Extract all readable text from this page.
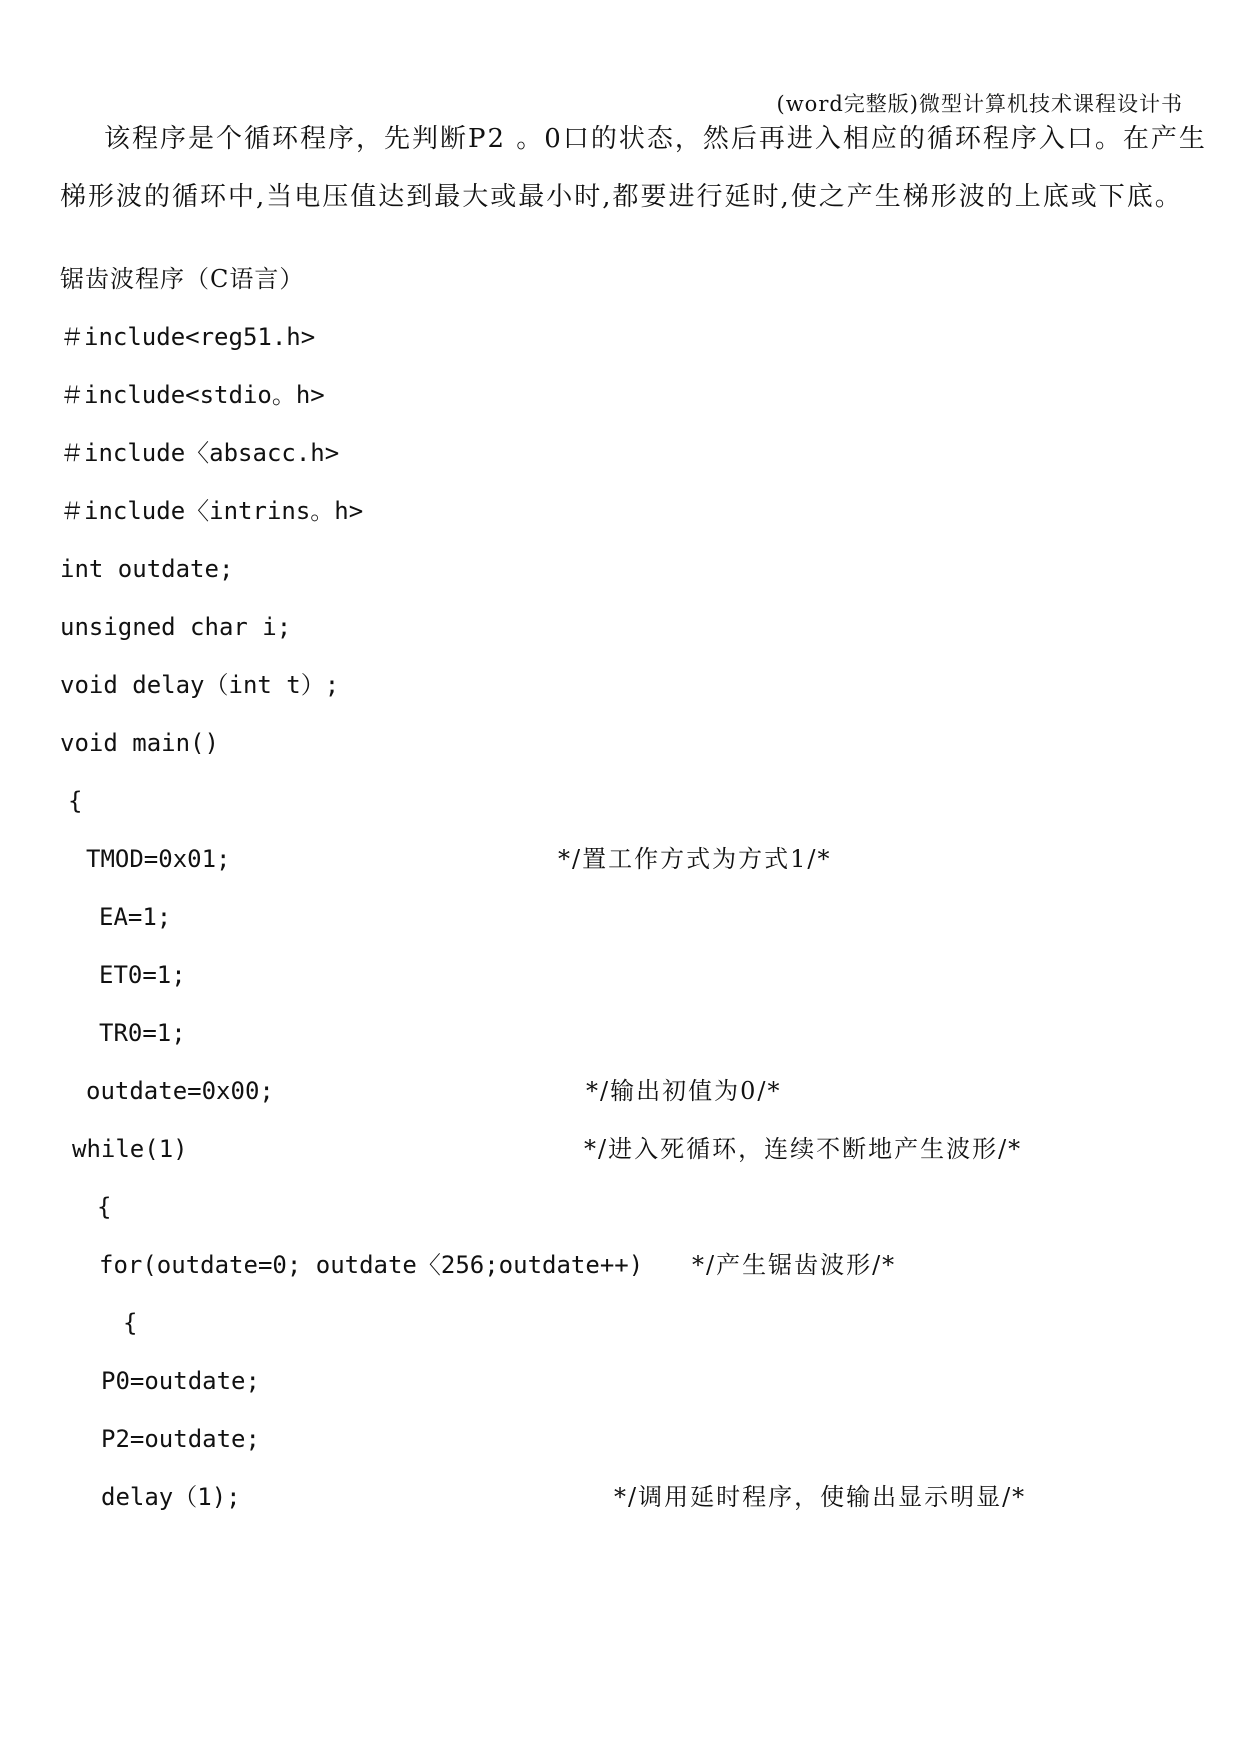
(word完整版)微型计算机技术课程设计书
该程序是个循环程序，先判断P2 。0口的状态，然后再进入相应的循环程序入口。在产生
梯形波的循环中,当电压值达到最大或最小时,都要进行延时,使之产生梯形波的上底或下底。
锯齿波程序（C语言）
＃include<reg51.h>
＃include<stdio。h>
＃include〈absacc.h>
＃include〈intrins。h>
int outdate;
unsigned char i;
void delay（int t）;
void main()
{
TMOD=0x01;	*/置工作方式为方式1/*
EA=1;
ET0=1;
TR0=1;
outdate=0x00;	*/输出初值为0/*
while(1)	*/进入死循环，连续不断地产生波形/*
{
for(outdate=0; outdate〈256;outdate++) */产生锯齿波形/*
{
P0=outdate;
P2=outdate;
delay（1);	*/调用延时程序，使输出显示明显/*
